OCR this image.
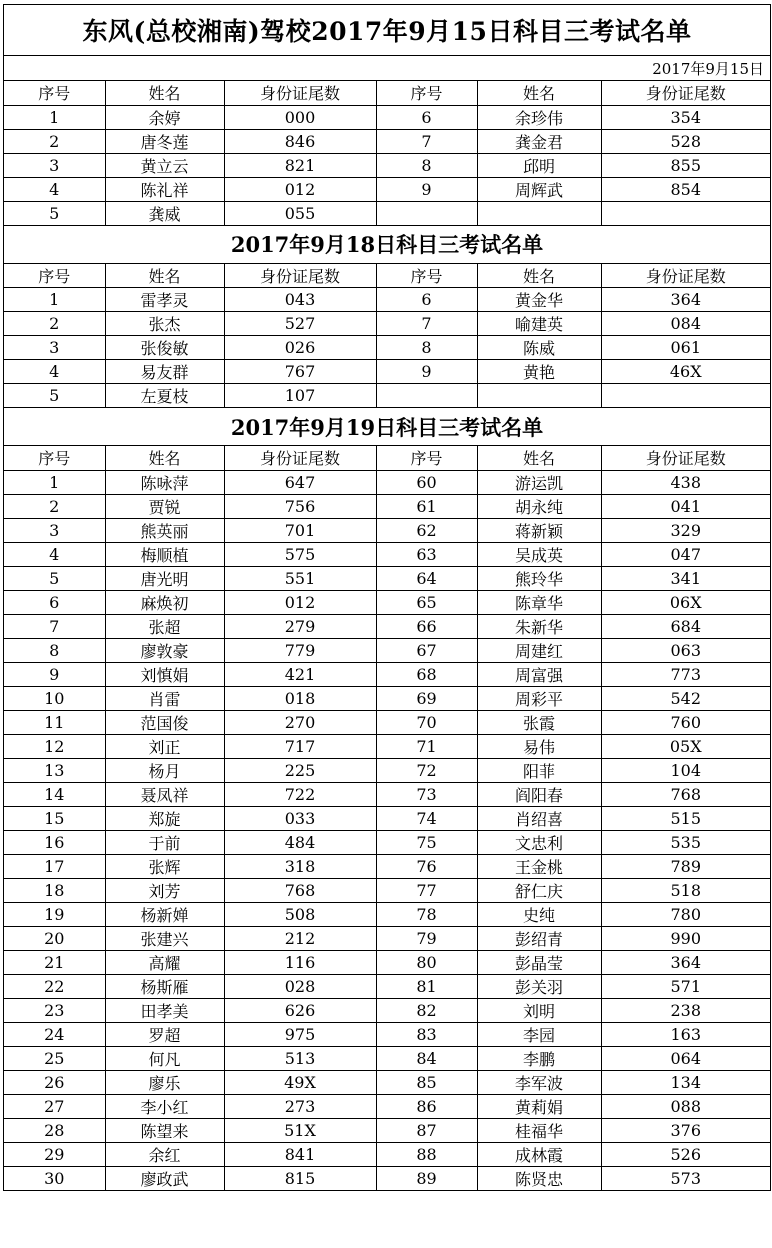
东风(总校湘南)驾校2017年9月15日科目三考试名单
2017年9月15日
序号	姓名	身份证尾数	序号	姓名	身份证尾数
1	余婷	000	6	余珍伟	354
2	唐冬莲	846	7	龚金君	528
3	黄立云	821	8	邱明	855
4	陈礼祥	012	9	周辉武	854
5	龚威	055			
2017年9月18日科目三考试名单
序号	姓名	身份证尾数	序号	姓名	身份证尾数
1	雷孝灵	043	6	黄金华	364
2	张杰	527	7	喻建英	084
3	张俊敏	026	8	陈威	061
4	易友群	767	9	黄艳	46X
5	左夏枝	107			
2017年9月19日科目三考试名单
序号	姓名	身份证尾数	序号	姓名	身份证尾数
1	陈咏萍	647	60	游运凯	438
2	贾锐	756	61	胡永纯	041
3	熊英丽	701	62	蒋新颖	329
4	梅顺植	575	63	吴成英	047
5	唐光明	551	64	熊玲华	341
6	麻焕初	012	65	陈章华	06X
7	张超	279	66	朱新华	684
8	廖敦豪	779	67	周建红	063
9	刘慎娟	421	68	周富强	773
10	肖雷	018	69	周彩平	542
11	范国俊	270	70	张霞	760
12	刘正	717	71	易伟	05X
13	杨月	225	72	阳菲	104
14	聂凤祥	722	73	阎阳春	768
15	郑旋	033	74	肖绍喜	515
16	于前	484	75	文忠利	535
17	张辉	318	76	王金桃	789
18	刘芳	768	77	舒仁庆	518
19	杨新婵	508	78	史纯	780
20	张建兴	212	79	彭绍青	990
21	高耀	116	80	彭晶莹	364
22	杨斯雁	028	81	彭关羽	571
23	田孝美	626	82	刘明	238
24	罗超	975	83	李园	163
25	何凡	513	84	李鹏	064
26	廖乐	49X	85	李军波	134
27	李小红	273	86	黄莉娟	088
28	陈望来	51X	87	桂福华	376
29	余红	841	88	成林霞	526
30	廖政武	815	89	陈贤忠	573
